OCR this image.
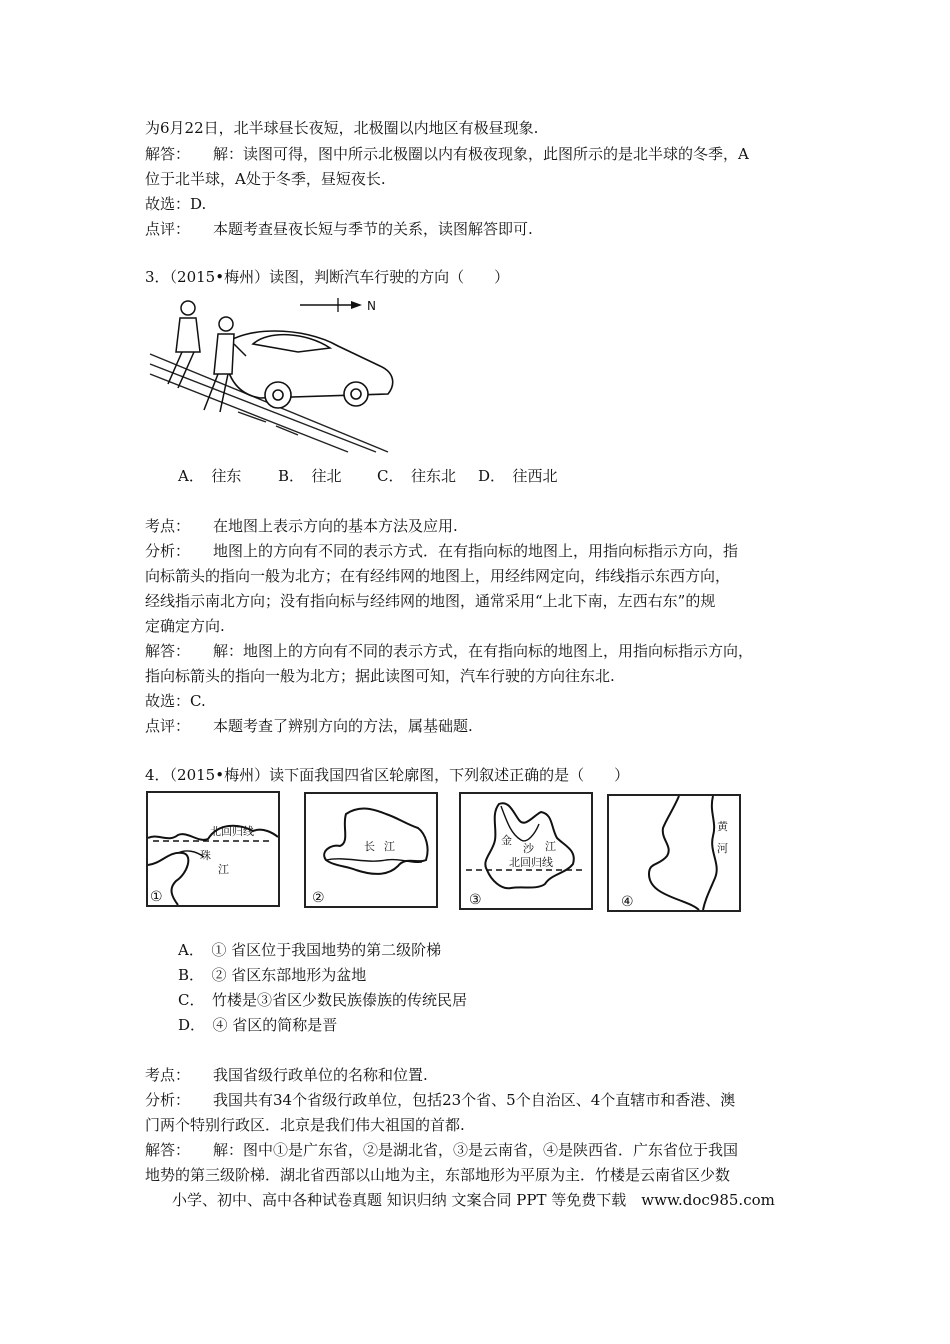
为6月22日，北半球昼长夜短，北极圈以内地区有极昼现象.
解答： 解：读图可得，图中所示北极圈以内有极夜现象，此图所示的是北半球的冬季，A
位于北半球，A处于冬季，昼短夜长.
故选：D.
点评： 本题考查昼夜长短与季节的关系，读图解答即可.
3．（2015•梅州）读图，判断汽车行驶的方向（　　）
N
A．　往东 B．　往北 C．　往东北 D．　往西北
考点： 在地图上表示方向的基本方法及应用.
分析： 地图上的方向有不同的表示方式．在有指向标的地图上，用指向标指示方向，指
向标箭头的指向一般为北方；在有经纬网的地图上，用经纬网定向，纬线指示东西方向，
经线指示南北方向；没有指向标与经纬网的地图，通常采用“上北下南，左西右东”的规
定确定方向.
解答： 解：地图上的方向有不同的表示方式，在有指向标的地图上，用指向标指示方向，
指向标箭头的指向一般为北方；据此读图可知，汽车行驶的方向往东北.
故选：C.
点评： 本题考查了辨别方向的方法，属基础题.
4．（2015•梅州）读下面我国四省区轮廓图，下列叙述正确的是（　　）
北回归线
珠
江
①
长 江
②
金
沙 江
北回归线
③
黄
河
④
A．　① 省区位于我国地势的第二级阶梯
B．　② 省区东部地形为盆地
C．　竹楼是③省区少数民族傣族的传统民居
D．　④ 省区的简称是晋
考点： 我国省级行政单位的名称和位置.
分析： 我国共有34个省级行政单位，包括23个省、5个自治区、4个直辖市和香港、澳
门两个特别行政区．北京是我们伟大祖国的首都.
解答： 解：图中①是广东省，②是湖北省，③是云南省，④是陕西省．广东省位于我国
地势的第三级阶梯．湖北省西部以山地为主，东部地形为平原为主．竹楼是云南省区少数
小学、初中、高中各种试卷真题 知识归纳 文案合同 PPT 等免费下载　www.doc985.com
